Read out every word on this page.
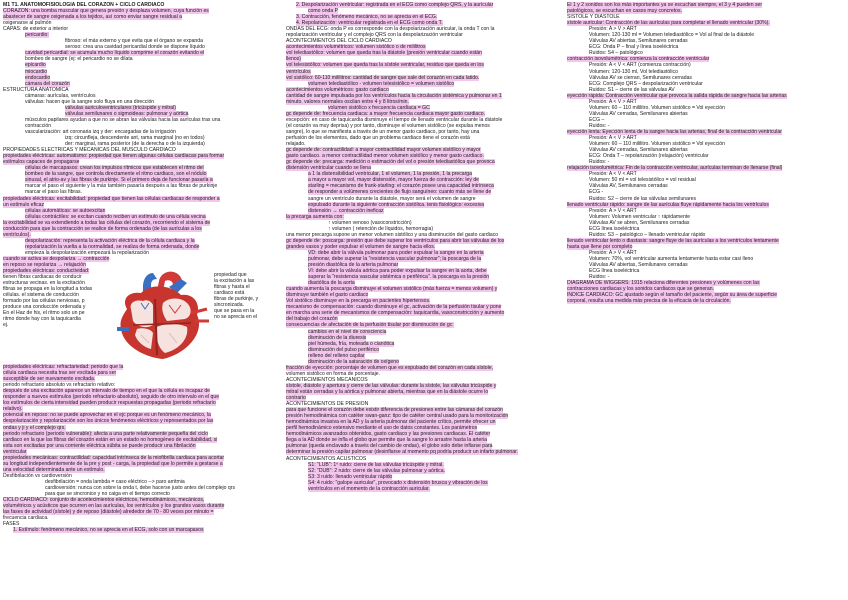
M1 T1. ANATOMOFISIOLOGÍA DEL CORAZÓN + CICLO CARDIACO
CORAZÓN: una bomba muscular que genera presión y desplaza volumen, cuya función es
abastecer de sangre oxigenada a los tejidos, así como enviar sangre residual a
oxigenarse al pulmón
CAPAS: de exterior a interior
pericardio:
fibroso: el más externo y que evita que el órgano se expanda
seroso: crea una cavidad pericardial donde se dispone líquido
cavidad pericardial: se acumula mucho líquido comprime el corazón evitando el
bombeo de sangre (ej: el pericardio no se dilata
epicardio
miocardio
endocardio
cámara del corazón
ESTRUCTURA ANATÓMICA
cámaras: aurículas, ventrículos
válvulas: hacen que la sangre solo fluya en una dirección
válvulas auriculoventriculares (tricúspide y mitral)
válvulas semilunares o sigmoideas: pulmonar y aórtica
músculos papilares ayudan a que no se abran las válvulas hacia las aurículas tras una
contracción
vascularización: art coronaria izq y der: encargadas de la irrigación
izq: circunfleja, descendente ant, rama marginal (no en todos)
der: marginal, rama posterior (de la derecha o de la izquierda)
PROPIEDADES ELÉCTRICAS Y MECÁNICAS DEL MÚSCULO CARDIACO
propiedades eléctricas: automatismo: propiedad que tienen algunas células cardiacas para formar
estímulos capaces de propagarse
células de marcapasos: crean los impulsos rítmicos que establecen el ritmo del
bombeo de la sangre, que controla directamente el ritmo cardiaco, son el nódulo
sinusal, el atrio-av y las fibras de purkinje. Si el primero deja de funcionar pasaría a
marcar el paso el siguiente y la más también pasaría después a las fibras de purkinje
marcar el paso las fibras.
propiedades eléctricas: excitabilidad: propiedad que tienen las células cardiacas de responder a
un estímulo eficaz
células automáticas: se autoexcitan
células contráctiles: se excitan cuando reciben un estímulo de una célula vecina
la excitabilidad se va extendiendo a todas las células del corazón, recorriendo el sistema de
conducción para que la contracción se realice de forma ordenada (de las aurículas a los
ventrículos).
despolarización: representa la activación eléctrica de la célula cardiaca y la
repolarización la vuelta a la normalidad, se realiza de forma ordenada, donde
empieza la despolarización empezará la repolarización
cuando se activa se despolariza → contracción
en reposo se repolariza → relajación
propiedades eléctricas: conductividad:
tienen fibras cardiacas de conducir
estructuras vecinas. en la excitación
fibras se propaga en la longitud a todas
células. el sistema de conducción
formado por las células nerviosas, p
produce una conducción ordenada y
En el Haz de his, el ritmo solo un pe
ritmo donde hay con la taquicardia
ej.
propiedad que
la excitación a las
fibras y hasta el
cardiaco está
fibras de purkinje, y
sincronizada.
que se pasa en la
no se aprecia en el
propiedades eléctricas: refractariedad: periodo que la
célula cardiaca necesita tras ser excitada para ser
susceptible de ser nuevamente excitada.
periodo refractario absoluto vs refractario relativo:
después de una excitación aparece un intervalo de tiempo en el que la célula es incapaz de
responder a nuevos estímulos (periodo refractario absoluto), seguido de otro intervalo en el que
los estímulos de cierta intensidad pueden producir respuestas propagadas (periodo refractario
relativo).
potencial en reposo: no se puede aprovechar en el ejc porque es un fenómeno mecánico, la
despolarización y repolarización son los únicos fenómenos eléctricos y representados por las
ondas y ji y el complejo qrs.
periodo refractario (periodo vulnerable): afecta a una parte relativamente pequeña del ciclo
cardiaco en la que las fibras del corazón están en un estado no homogéneo de excitabilidad, si
esta son excitadas por una corriente eléctrica súbita se puede producir una fibrilación
ventricular
propiedades mecánicas: contractilidad: capacidad intrínseca de la miofibrilla cardiaca para acortar
su longitud independientemente de la pre y post - carga, la propiedad que lo permite a gestarse a
una velocidad determinada ante un estímulo.
Desfibrilación vs cardioversión
desfibrilación = onda lambda = caso eléctrico --> paro arritmia
cardioversión: nunca con sobre la onda t, debe hacerse justo antes del complejo qrs
para que se sincronice y no caiga en el tiempo correcto
CICLO CARDIACO: conjunto de acontecimientos eléctricos, hemodinámicos, mecánicos,
volumétricos y acústicos que ocurren en las aurículas, los ventrículos y los grandes vasos durante
las fases de actividad (sístole) y de reposo (diástole) alrededor de 70 - 80 veces por minuto =
frecuencia cardiaca.
FASES
1. Estímulo: fenómeno mecánico, no se aprecia en el ECG, solo con un marcapasos
2. Despolarización ventricular: registrada en el ECG como complejo QRS, y la aurícular
como onda P
3. Contracción, fenómeno mecánico, no se aprecia en el ECG.
4. Repolarización: ventricular registrada en el ECG como onda T.
ONDAS DEL ECG: onda P es corresponde con la despolarización auricular, la onda T con la
repolarización ventricular y el complejo QRS con la despolarización ventricular
ACONTECIMIENTOS DEL CICLO CARDIACO
acontecimientos volumétricos: volumen sistólico o de mililitros
vol telediastólico: volumen que queda tras la diástole (presión ventricular cuando están
llenos)
vol telesistólico: volumen que queda tras la sístole ventricular, residuo que queda en los
ventrículos
vol sistólico: 60-110 mililitros: cantidad de sangre que sale del corazón en cada latido.
volumen telediastólico - volumen telesistólico = volumen sistólico
acontecimientos volumétricos: gasto cardiaco
cantidad de sangre impulsada por los ventrículos hacia la circulación sistémica y pulmonar en 1
minuto. valores normales oscilan entre 4 y 8 litros/min.
volumen sistólico x frecuencia cardiaca = GC
gc depende de: frecuencia cardiaca: a mayor frecuencia cardiaca mayor gasto cardiaco.
excepción: en caso de taquicardia disminuye el tiempo de llenado ventricular durante la diástole
(el corazón va muy deprisa) y por tanto, disminuye el volumen sistólico (se expulsa menos
sangre), lo que se manifiesta a través de un menor gasto cardiaco, por tanto, hay una
perfusión de los elementos, dado que un problema cardiaco tiene el corazón está
relajado.
gc depende de: contractilidad: a mayor contractilidad mayor volumen sistólico y mayor
gasto cardiaco. a menor contractilidad menor volumen sistólico y menor gasto cardiaco.
gc depende de: precarga: medición o estimación del vol o presión telediastólica que provoca
distensión ventricular cuando se llena
a 1 la distensibilidad ventricular, 1 el volumen, 1 la presión, 1 la precarga
a mayor a mayor vol, mayor distensión, mayor fuerza de contracción: ley de
starling = mecanismo de frank-starling: el corazón posee una capacidad intrínseca
de responder a volúmenes crecientes de flujo sanguíneo: cuanto más se llene de
sangre un ventrículo durante la diástole, mayor será el volumen de sangre
expulsado durante la siguiente contracción sistólica. tenis fisiológico: excesiva
distensión → contracción ineficaz
la precarga aumenta con:
↑ volumen venoso (vasoconstricción)
↑ volumen ( retención de líquidos, hemorragia)
una menor precarga supone un menor volumen sistólico y una disminución del gasto cardiaco
gc depende de: poscarga: presión que debe superar los ventrículos para abrir las válvulas de los
grandes vasos y poder expulsar el volumen de sangre hacia ellos.
VD: debe abrir la válvula pulmonar para poder expulsar la sangre en la arteria
pulmonar, debe superar la "resistencia vascular pulmonar"; la poscarga de la
presión diastólica de la arteria pulmonar
VI: debe abrir la válvula aórtica para poder expulsar la sangre en la aorta, debe
superar la "resistencia vascular sistémica o periférica". la poscarga es la presión
diastólica de la aorta
cuando aumenta la poscarga disminuye el volumen sistólico (más fuerza = menos volumen) y
disminuye también el gasto cardiaco
Vol sistólico disminuye en la precarga en pacientes hipertensos.
mecanismo de compensación: cuando disminuye el gc, activación de la perfusión tisular y pone
en marcha una serie de mecanismos de compensación: taquicardia, vasoconstricción y aumento
del trabajo del corazón
consecuencias de afectación de la perfusión tisular por disminución de gc:
cambios en el nivel de consciencia
disminución de la diuresis
piel húmeda, fría, moteada o cianótica
disminución del pulso periférico
relleno del relleno capilar
disminución de la saturación de oxígeno
fracción de eyección: porcentaje de volumen que es expulsado del corazón en cada sístole,
volumen sistólico en forma de porcentaje.
ACONTECIMIENTOS MECÁNICOS
sístole, diástole y apertura y cierre de las válvulas: durante la sístole, las válvulas tricúspide y
mitral están cerradas y la aórtica y pulmonar abierta, mientras que en la diástole ocurre lo
contrario
ACONTECIMIENTOS DE PRESIÓN
para que funcione el corazón debe existir diferencia de presiones entre las cámaras del corazón
presión hemodinámica con catéter swan-ganz: tipo de catéter central usado para la monitorización
hemodinámica invasiva en la AD y la arteria pulmonar del paciente crítico, permite ofrecer un
perfil hemodinámico extensivo mediante el uso de datos constantes. Los parámetros
hemodinámicos avanzados obtenidos, gasto cardiaco y las presiones cardiacas. El catéter
llega a la AD donde se infla el globo que permite que la sangre lo arrastre hasta la arteria
pulmonar (queda enclavado a través del cambio de ondas), el globo solo debe inflarse para
determinar la presión capilar pulmonar (desinflarse al momento pq podría producir un infarto pulmonar.
ACONTECIMIENTOS ACÚSTICOS
S1: "LUB": 1º ruido: cierre de las válvulas tricúspide y mitral.
S2: "DUB": 2 ruido: cierre de las válvulas pulmonar y aórtica.
S3: 3 ruido: llenado ventricular rápido
S4: 4 ruido: "galope auricular", provocado x distensión brusca y vibración de los
ventrículos en el momento de la contracción auricular.
El 1 y 2 sonidos son los más importantes ya se escuchan siempre, el 3 y 4 pueden ser
patológicos, se escuchan en casos muy concretos.
SÍSTOLE Y DIÁSTOLE
sístole auricular: Contracción de las aurículas para completar el llenado ventricular (30%).
Presión: A > V > ART
Volumen: 120-130 ml = Volumen telediastólico = Vol al final de la diástole
Válvulas AV abiertas, Semilunares cerradas
ECG: Onda P – final y línea isoeléctrica
Ruidos: S4 – patológico
contracción isovolumétrica: comienza la contracción ventricular
Presión: A < V < ART (comienza contracción)
Volumen: 120-130 ml, Vol telediastólico
Válvulas AV se cierran, Semilunares cerradas
ECG: Complejo QRS – despolarización ventricular
Ruidos: S1 – cierre de las válvulas AV
eyección rápida: Contracción ventricular que provoca la salida rápida de sangre hacia las arterias
Presión: A < V > ART
Volumen: 60 – 110 mililitro. Volumen sistólico = Vol eyección
Válvulas AV cerradas, Semilunares abiertas
ECG –
Ruidos: -
eyección lenta: Eyección lenta de la sangre hacia las arterias, final de la contracción ventricular
Presión: A < V > ART
Volumen: 60 – 110 mililitro. Volumen sistólico = Vol eyección
Válvulas AV cerradas, Semilunares abiertas
ECG: Onda T – repolarización (relajación) ventricular
Ruidos: -
relajación isovolumétrica: Fin de la contracción ventricular, aurículas terminan de llenarse (final)
Presión: A < V < ART
Volumen: 50 ml = vol telesistólico = vol residual
Válvulas AV, Semilunares cerradas
ECG -
Ruidos: S2 – cierre de las válvulas semilunares
llenado ventricular rápido: sangre de las aurículas fluye rápidamente hacia los ventrículos
Presión: A > V < ART
Volumen: Volumen ventricular ↑ rápidamente
Válvulas AV se abren, Semilunares cerradas
ECG línea isoeléctrica
Ruidos: S3 – patológico – llenado ventricular rápido
llenado ventricular lento o diastasis: sangre fluye de las aurículas a los ventrículos lentamente
hasta que llene por completo
Presión: A > V < ART
Volumen: 70%, vol ventricular aumenta lentamente hasta estar casi lleno
Válvulas AV abiertas, Semilunares cerradas
ECG línea isoeléctrica
Ruidos: -
DIAGRAMA DE WIGGERS: 1915 relaciona diferentes presiones y volúmenes con las
contracciones cardiacas y los sonidos cardiacos que se generan.
ÍNDICE CARDIACO: GC ajustado según el tamaño del paciente, según su área de superficie
corporal, resulta una medida más precisa de la eficacia de la circulación.
